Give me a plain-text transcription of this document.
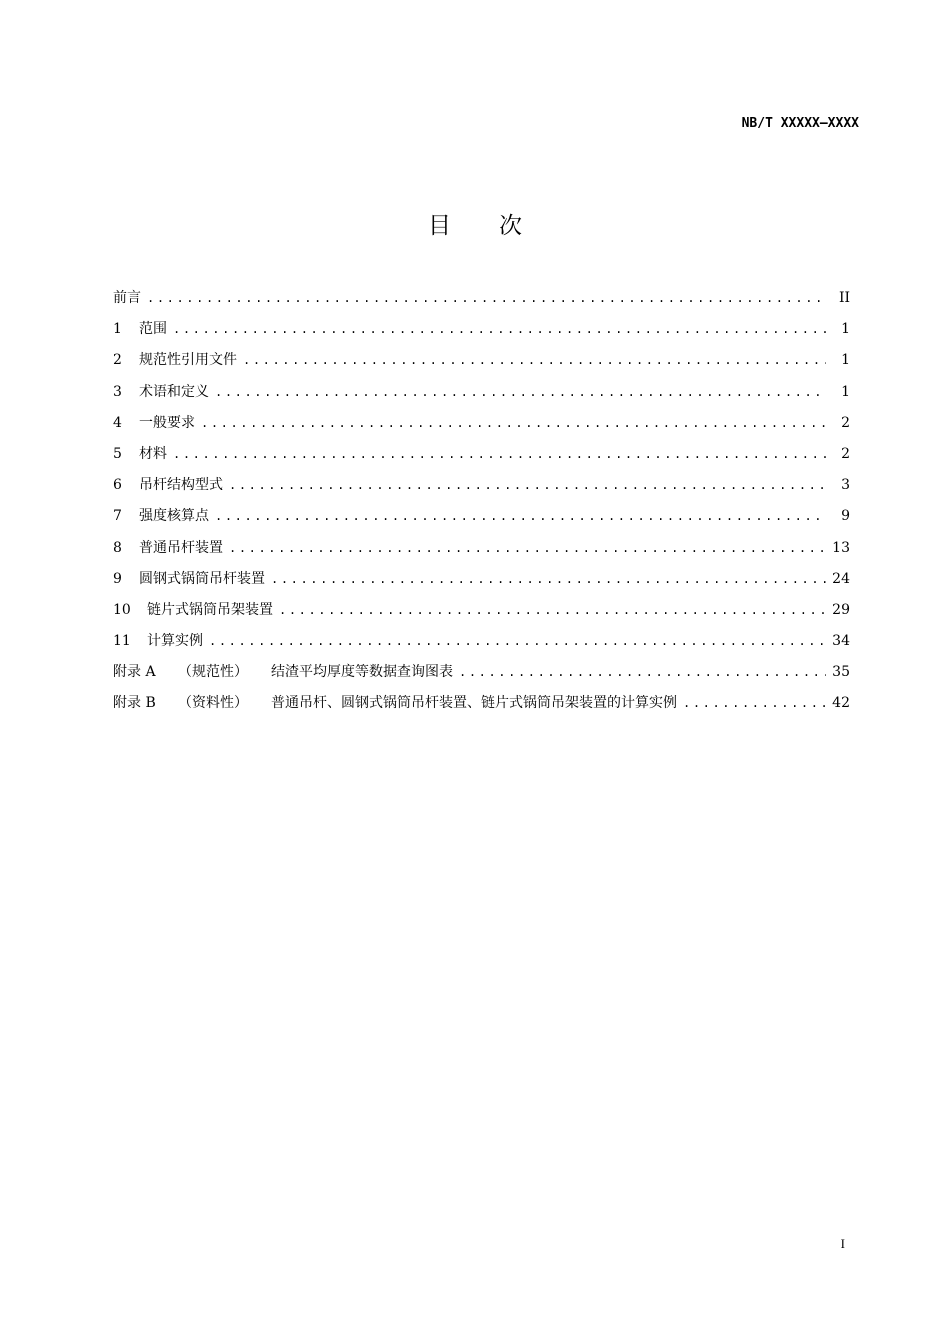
NB/T XXXXX—XXXX
目次
前言 .....	II
1	范围 .....	1
2	规范性引用文件 .....	1
3	术语和定义 .....	1
4	一般要求 .....	2
5	材料 .....	2
6	吊杆结构型式 .....	3
7	强度核算点 .....	9
8	普通吊杆装置 .....	13
9	圆钢式锅筒吊杆装置 .....	24
10	链片式锅筒吊架装置 .....	29
11	计算实例 .....	34
附录 A	（规范性） 结渣平均厚度等数据查询图表 .....	35
附录 B	（资料性） 普通吊杆、圆钢式锅筒吊杆装置、链片式锅筒吊架装置的计算实例 .....	42
I
